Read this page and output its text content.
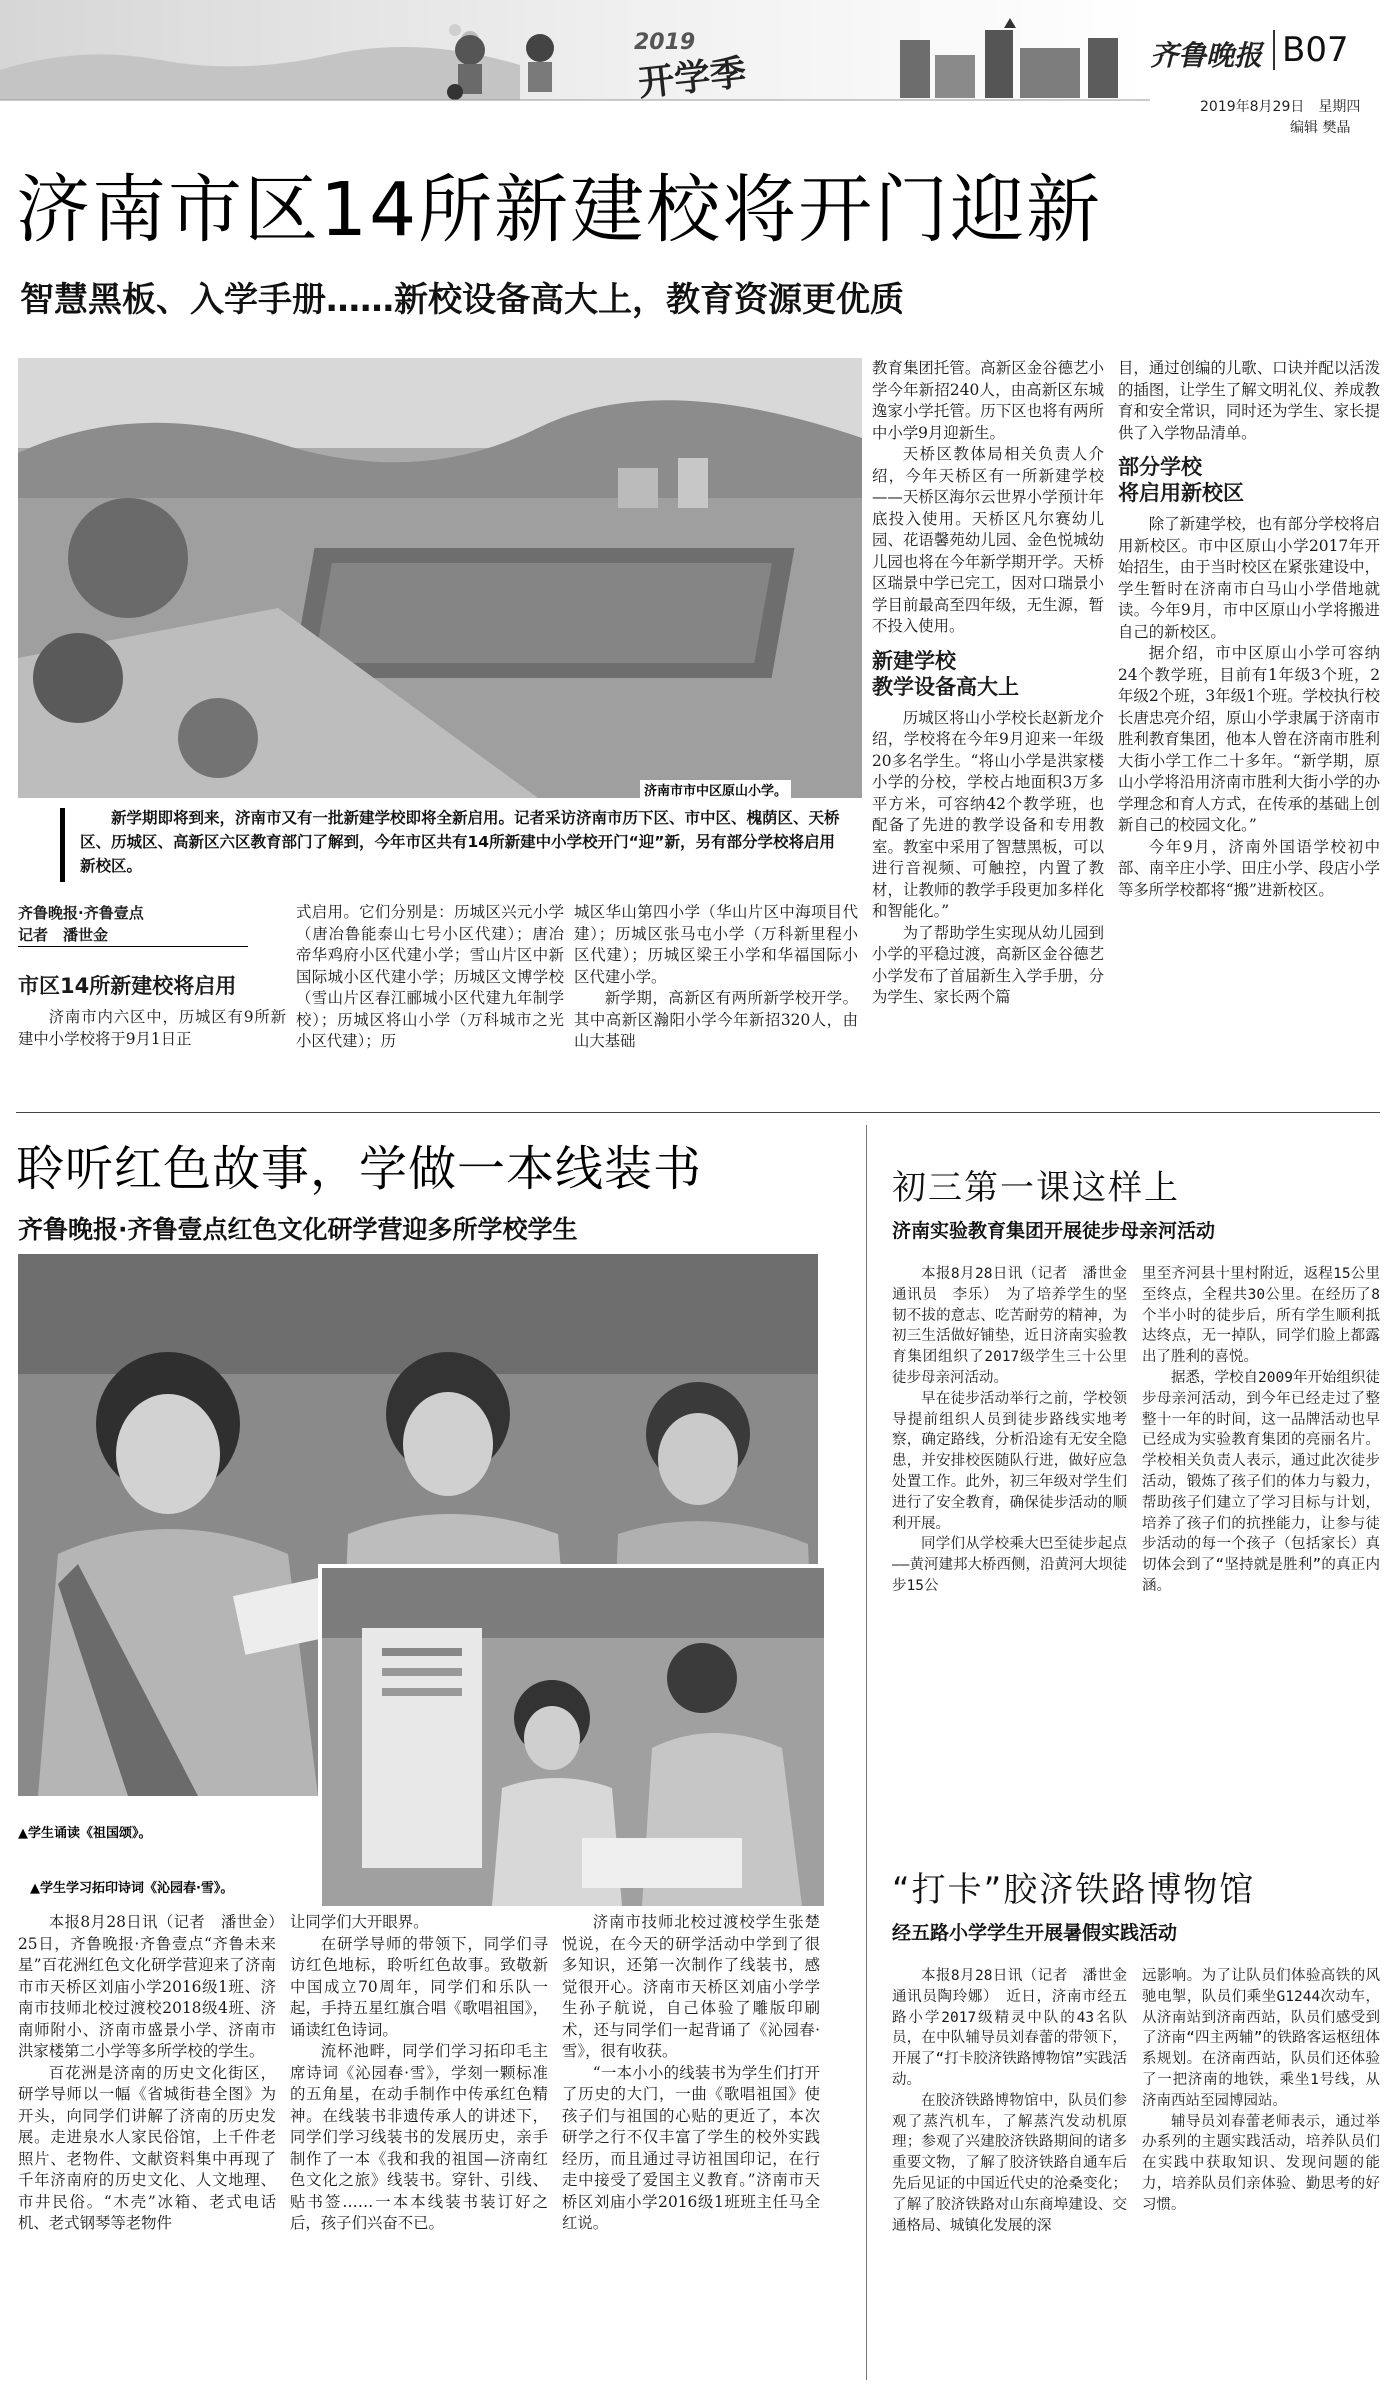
2019
开学季	齐鲁晚报 B07
2019年8月29日　星期四
编辑 樊晶
济南市区14所新建校将开门迎新
智慧黑板、入学手册……新校设备高大上，教育资源更优质
济南市市中区原山小学。
新学期即将到来，济南市又有一批新建学校即将全新启用。记者采访济南市历下区、市中区、槐荫区、天桥区、历城区、高新区六区教育部门了解到，今年市区共有14所新建中小学校开门“迎”新，另有部分学校将启用新校区。
齐鲁晚报·齐鲁壹点
记者　潘世金
市区14所新建校将启用

济南市内六区中，历城区有9所新建中小学校将于9月1日正

式启用。它们分别是：历城区兴元小学（唐冶鲁能泰山七号小区代建）；唐冶帝华鸡府小区代建小学；雪山片区中新国际城小区代建小学；历城区文博学校（雪山片区春江郦城小区代建九年制学校）；历城区将山小学（万科城市之光小区代建）；历

城区华山第四小学（华山片区中海项目代建）；历城区张马屯小学（万科新里程小区代建）；历城区梁王小学和华福国际小区代建小学。

新学期，高新区有两所新学校开学。其中高新区瀚阳小学今年新招320人，由山大基础

教育集团托管。高新区金谷德艺小学今年新招240人，由高新区东城逸家小学托管。历下区也将有两所中小学9月迎新生。

天桥区教体局相关负责人介绍，今年天桥区有一所新建学校——天桥区海尔云世界小学预计年底投入使用。天桥区凡尔赛幼儿园、花语馨苑幼儿园、金色悦城幼儿园也将在今年新学期开学。天桥区瑞景中学已完工，因对口瑞景小学目前最高至四年级，无生源，暂不投入使用。

新建学校
教学设备高大上

历城区将山小学校长赵新龙介绍，学校将在今年9月迎来一年级20多名学生。“将山小学是洪家楼小学的分校，学校占地面积3万多平方米，可容纳42个教学班，也配备了先进的教学设备和专用教室。教室中采用了智慧黑板，可以进行音视频、可触控，内置了教材，让教师的教学手段更加多样化和智能化。”

为了帮助学生实现从幼儿园到小学的平稳过渡，高新区金谷德艺小学发布了首届新生入学手册，分为学生、家长两个篇

目，通过创编的儿歌、口诀并配以活泼的插图，让学生了解文明礼仪、养成教育和安全常识，同时还为学生、家长提供了入学物品清单。

部分学校
将启用新校区

除了新建学校，也有部分学校将启用新校区。市中区原山小学2017年开始招生，由于当时校区在紧张建设中，学生暂时在济南市白马山小学借地就读。今年9月，市中区原山小学将搬进自己的新校区。

据介绍，市中区原山小学可容纳24个教学班，目前有1年级3个班，2年级2个班，3年级1个班。学校执行校长唐忠亮介绍，原山小学隶属于济南市胜利教育集团，他本人曾在济南市胜利大街小学工作二十多年。“新学期，原山小学将沿用济南市胜利大街小学的办学理念和育人方式，在传承的基础上创新自己的校园文化。”

今年9月，济南外国语学校初中部、南辛庄小学、田庄小学、段店小学等多所学校都将“搬”进新校区。

聆听红色故事，学做一本线装书
齐鲁晚报·齐鲁壹点红色文化研学营迎多所学校学生
▲学生诵读《祖国颂》。
▲学生学习拓印诗词《沁园春·雪》。

本报8月28日讯（记者　潘世金）　25日，齐鲁晚报·齐鲁壹点“齐鲁未来星”百花洲红色文化研学营迎来了济南市市天桥区刘庙小学2016级1班、济南市技师北校过渡校2018级4班、济南师附小、济南市盛景小学、济南市洪家楼第二小学等多所学校的学生。

百花洲是济南的历史文化街区，研学导师以一幅《省城街巷全图》为开头，向同学们讲解了济南的历史发展。走进泉水人家民俗馆，上千件老照片、老物件、文献资料集中再现了千年济南府的历史文化、人文地理、市井民俗。“木壳”冰箱、老式电话机、老式钢琴等老物件

让同学们大开眼界。

在研学导师的带领下，同学们寻访红色地标，聆听红色故事。致敬新中国成立70周年，同学们和乐队一起，手持五星红旗合唱《歌唱祖国》，诵读红色诗词。

流杯池畔，同学们学习拓印毛主席诗词《沁园春·雪》，学刻一颗标准的五角星，在动手制作中传承红色精神。在线装书非遗传承人的讲述下，同学们学习线装书的发展历史，亲手制作了一本《我和我的祖国—济南红色文化之旅》线装书。穿针、引线、贴书签……一本本线装书装订好之后，孩子们兴奋不已。

济南市技师北校过渡校学生张楚悦说，在今天的研学活动中学到了很多知识，还第一次制作了线装书，感觉很开心。济南市天桥区刘庙小学学生孙子航说，自己体验了雕版印刷术，还与同学们一起背诵了《沁园春·雪》，很有收获。

“一本小小的线装书为学生们打开了历史的大门，一曲《歌唱祖国》使孩子们与祖国的心贴的更近了，本次研学之行不仅丰富了学生的校外实践经历，而且通过寻访祖国印记，在行走中接受了爱国主义教育。”济南市天桥区刘庙小学2016级1班班主任马全红说。

初三第一课这样上
济南实验教育集团开展徒步母亲河活动

本报8月28日讯（记者　潘世金　通讯员　李乐）　为了培养学生的坚韧不拔的意志、吃苦耐劳的精神，为初三生活做好铺垫，近日济南实验教育集团组织了2017级学生三十公里徒步母亲河活动。

早在徒步活动举行之前，学校领导提前组织人员到徒步路线实地考察，确定路线，分析沿途有无安全隐患，并安排校医随队行进，做好应急处置工作。此外，初三年级对学生们进行了安全教育，确保徒步活动的顺利开展。

同学们从学校乘大巴至徒步起点——黄河建邦大桥西侧，沿黄河大坝徒步15公

里至齐河县十里村附近，返程15公里至终点，全程共30公里。在经历了8个半小时的徒步后，所有学生顺利抵达终点，无一掉队，同学们脸上都露出了胜利的喜悦。

据悉，学校自2009年开始组织徒步母亲河活动，到今年已经走过了整整十一年的时间，这一品牌活动也早已经成为实验教育集团的亮丽名片。学校相关负责人表示，通过此次徒步活动，锻炼了孩子们的体力与毅力，帮助孩子们建立了学习目标与计划，培养了孩子们的抗挫能力，让参与徒步活动的每一个孩子（包括家长）真切体会到了“坚持就是胜利”的真正内涵。

“打卡”胶济铁路博物馆
经五路小学学生开展暑假实践活动

本报8月28日讯（记者　潘世金　通讯员陶玲娜）　近日，济南市经五路小学2017级精灵中队的43名队员，在中队辅导员刘春蕾的带领下，开展了“打卡胶济铁路博物馆”实践活动。

在胶济铁路博物馆中，队员们参观了蒸汽机车，了解蒸汽发动机原理；参观了兴建胶济铁路期间的诸多重要文物，了解了胶济铁路自通车后先后见证的中国近代史的沧桑变化；了解了胶济铁路对山东商埠建设、交通格局、城镇化发展的深

远影响。为了让队员们体验高铁的风驰电掣，队员们乘坐G1244次动车，从济南站到济南西站，队员们感受到了济南“四主两辅”的铁路客运枢纽体系规划。在济南西站，队员们还体验了一把济南的地铁，乘坐1号线，从济南西站至园博园站。

辅导员刘春蕾老师表示，通过举办系列的主题实践活动，培养队员们在实践中获取知识、发现问题的能力，培养队员们亲体验、勤思考的好习惯。
